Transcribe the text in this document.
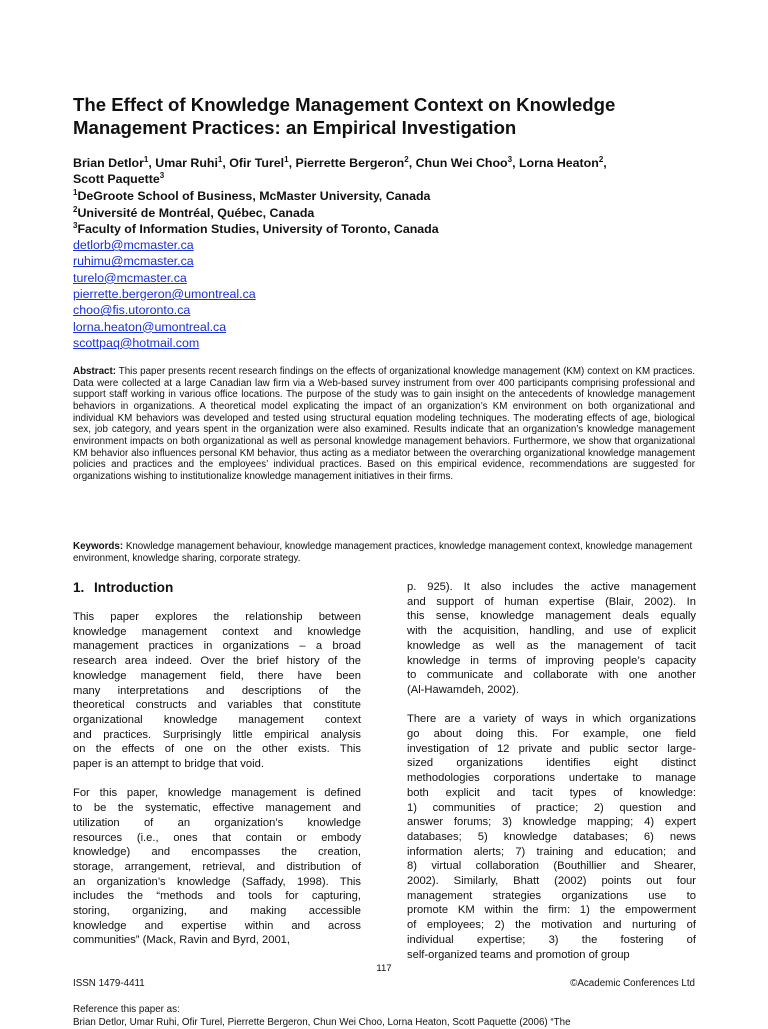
The Effect of Knowledge Management Context on Knowledge
Management Practices: an Empirical Investigation
Brian Detlor$^1$, Umar Ruhi$^1$, Ofir Turel$^1$, Pierrette Bergeron$^2$, Chun Wei Choo$^3$, Lorna Heaton$^2$,
Scott Paquette$^3$
$^1$DeGroote School of Business, McMaster University, Canada
$^2$Université de Montréal, Québec, Canada
$^3$Faculty of Information Studies, University of Toronto, Canada
detlorb@mcmaster.ca
ruhimu@mcmaster.ca
turelo@mcmaster.ca
pierrette.bergeron@umontreal.ca
choo@fis.utoronto.ca
lorna.heaton@umontreal.ca
scottpaq@hotmail.com
Abstract: This paper presents recent research findings on the effects of organizational knowledge management (KM) context on KM practices. Data were collected at a large Canadian law firm via a Web-based survey instrument from over 400 participants comprising professional and support staff working in various office locations. The purpose of the study was to gain insight on the antecedents of knowledge management behaviors in organizations. A theoretical model explicating the impact of an organization’s KM environment on both organizational and individual KM behaviors was developed and tested using structural equation modeling techniques. The moderating effects of age, biological sex, job category, and years spent in the organization were also examined. Results indicate that an organization’s knowledge management environment impacts on both organizational as well as personal knowledge management behaviors. Furthermore, we show that organizational KM behavior also influences personal KM behavior, thus acting as a mediator between the overarching organizational knowledge management policies and practices and the employees’ individual practices. Based on this empirical evidence, recommendations are suggested for organizations wishing to institutionalize knowledge management initiatives in their firms.
Keywords: Knowledge management behaviour, knowledge management practices, knowledge management context, knowledge management environment, knowledge sharing, corporate strategy.
1. Introduction

This paper explores the relationship between
knowledge management context and knowledge
management practices in organizations – a broad
research area indeed. Over the brief history of the
knowledge management field, there have been
many interpretations and descriptions of the
theoretical constructs and variables that constitute
organizational knowledge management context
and practices. Surprisingly little empirical analysis
on the effects of one on the other exists. This
paper is an attempt to bridge that void.

For this paper, knowledge management is defined
to be the systematic, effective management and
utilization of an organization’s knowledge
resources (i.e., ones that contain or embody
knowledge) and encompasses the creation,
storage, arrangement, retrieval, and distribution of
an organization’s knowledge (Saffady, 1998). This
includes the “methods and tools for capturing,
storing, organizing, and making accessible
knowledge and expertise within and across
communities” (Mack, Ravin and Byrd, 2001,

p. 925). It also includes the active management
and support of human expertise (Blair, 2002). In
this sense, knowledge management deals equally
with the acquisition, handling, and use of explicit
knowledge as well as the management of tacit
knowledge in terms of improving people’s capacity
to communicate and collaborate with one another
(Al-Hawamdeh, 2002).

There are a variety of ways in which organizations
go about doing this. For example, one field
investigation of 12 private and public sector large-
sized organizations identifies eight distinct
methodologies corporations undertake to manage
both explicit and tacit types of knowledge:
1) communities of practice; 2) question and
answer forums; 3) knowledge mapping; 4) expert
databases; 5) knowledge databases; 6) news
information alerts; 7) training and education; and
8) virtual collaboration (Bouthillier and Shearer,
2002). Similarly, Bhatt (2002) points out four
management strategies organizations use to
promote KM within the firm: 1) the empowerment
of employees; 2) the motivation and nurturing of
individual expertise; 3) the fostering of
self-organized teams and promotion of group

117
ISSN 1479-4411	©Academic Conferences Ltd
Reference this paper as:
Brian Detlor, Umar Ruhi, Ofir Turel, Pierrette Bergeron, Chun Wei Choo, Lorna Heaton, Scott Paquette (2006) “The
